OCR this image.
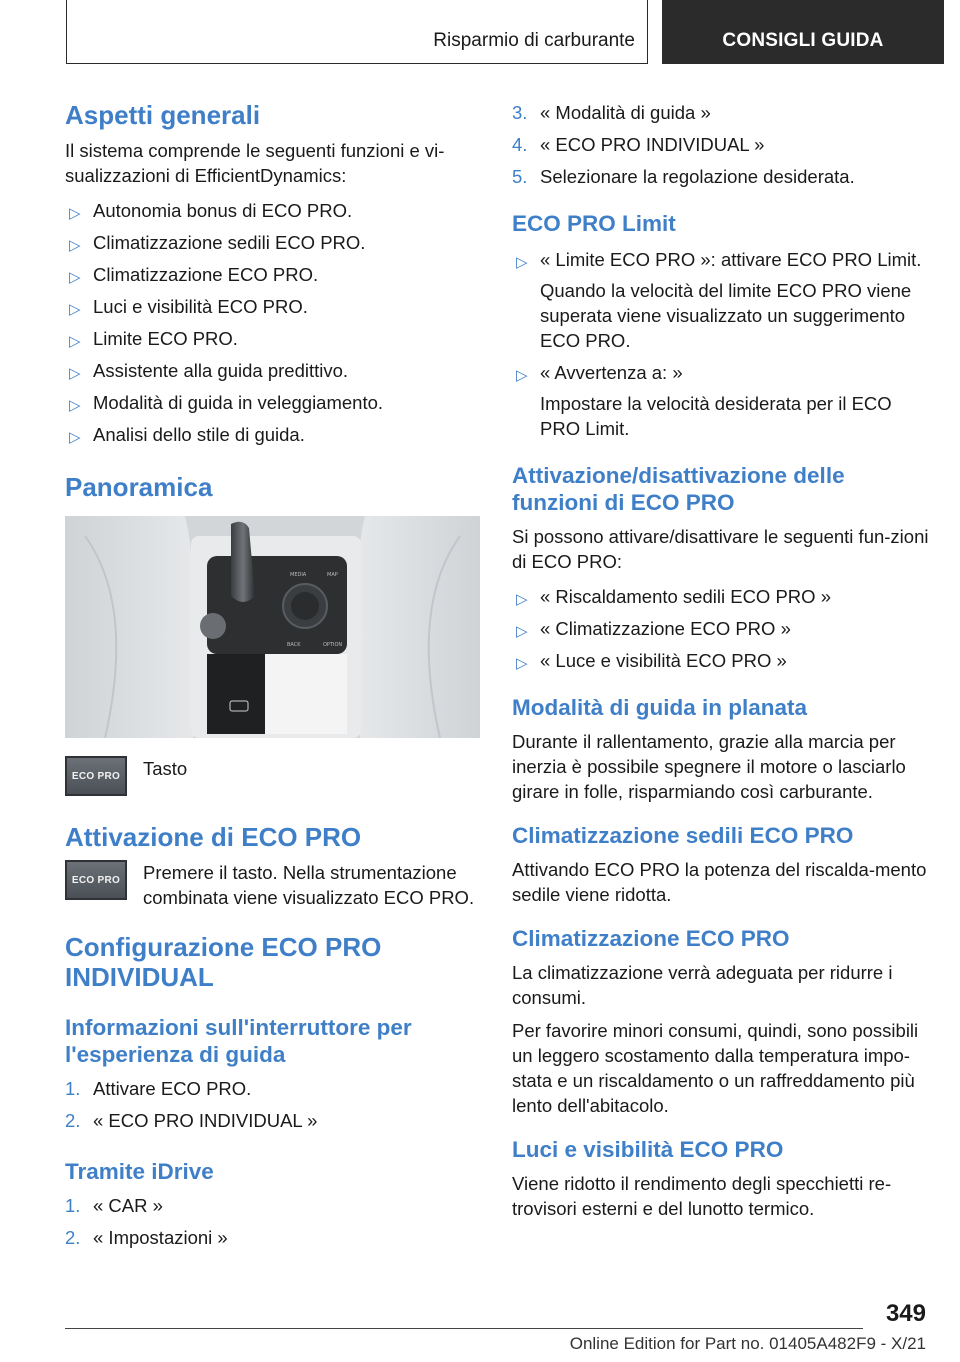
Risparmio di carburante	CONSIGLI GUIDA
Aspetti generali

Il sistema comprende le seguenti funzioni e vi-sualizzazioni di EfficientDynamics:

▷ Autonomia bonus di ECO PRO.
▷ Climatizzazione sedili ECO PRO.
▷ Climatizzazione ECO PRO.
▷ Luci e visibilità ECO PRO.
▷ Limite ECO PRO.
▷ Assistente alla guida predittivo.
▷ Modalità di guida in veleggiamento.
▷ Analisi dello stile di guida.
Panoramica
MEDIA	MAP
BACK	OPTION
ECO PRO Tasto

Attivazione di ECO PRO
ECO PRO Premere il tasto. Nella strumentazione combinata viene visualizzato ECO PRO.

Configurazione ECO PRO INDIVIDUAL
Informazioni sull'interruttore per l'esperienza di guida
1. Attivare ECO PRO.
2. « ECO PRO INDIVIDUAL »
Tramite iDrive
1. « CAR »
2. « Impostazioni »
3. « Modalità di guida »
4. « ECO PRO INDIVIDUAL »
5. Selezionare la regolazione desiderata.
ECO PRO Limit
▷ « Limite ECO PRO »: attivare ECO PRO Limit.
Quando la velocità del limite ECO PRO viene superata viene visualizzato un suggerimento ECO PRO.
▷ « Avvertenza a: »
Impostare la velocità desiderata per il ECO PRO Limit.
Attivazione/disattivazione delle funzioni di ECO PRO

Si possono attivare/disattivare le seguenti fun-zioni di ECO PRO:

▷ « Riscaldamento sedili ECO PRO »
▷ « Climatizzazione ECO PRO »
▷ « Luce e visibilità ECO PRO »
Modalità di guida in planata

Durante il rallentamento, grazie alla marcia per inerzia è possibile spegnere il motore o lasciarlo girare in folle, risparmiando così carburante.

Climatizzazione sedili ECO PRO

Attivando ECO PRO la potenza del riscalda-mento sedile viene ridotta.

Climatizzazione ECO PRO

La climatizzazione verrà adeguata per ridurre i consumi.

Per favorire minori consumi, quindi, sono possibili un leggero scostamento dalla temperatura impo-stata e un riscaldamento o un raffreddamento più lento dell'abitacolo.

Luci e visibilità ECO PRO

Viene ridotto il rendimento degli specchietti re-trovisori esterni e del lunotto termico.

349
Online Edition for Part no. 01405A482F9 - X/21
